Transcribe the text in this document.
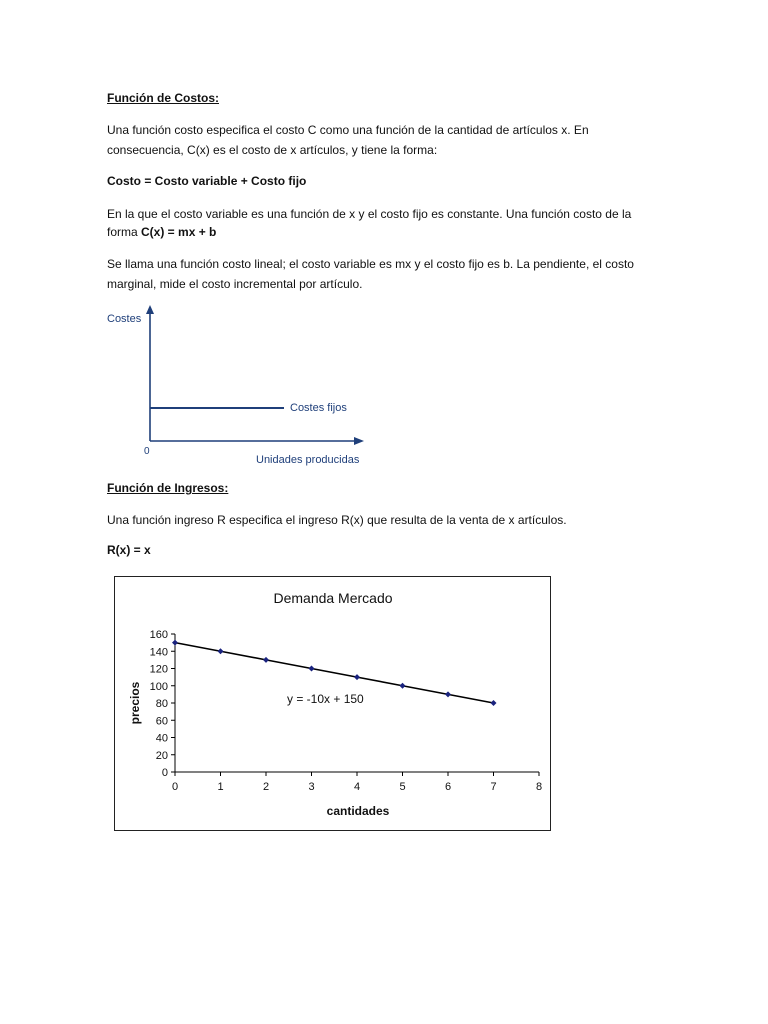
Función de Costos:

Una función costo especifica el costo C como una función de la cantidad de artículos x. En

consecuencia, C(x) es el costo de x artículos, y tiene la forma:

Costo = Costo variable + Costo fijo

En la que el costo variable es una función de x y el costo fijo es constante. Una función costo de la

forma C(x) = mx + b

Se llama una función costo lineal; el costo variable es mx y el costo fijo es b. La pendiente, el costo

marginal, mide el costo incremental por artículo.

Costes
Costes fijos
0
Unidades producidas

Función de Ingresos:

Una función ingreso R especifica el ingreso R(x) que resulta de la venta de x artículos.

R(x) = x

Demanda Mercado
0
20
40
60
80
100
120
140
160
0	1	2	3	4	5	6	7	8
y = -10x + 150
cantidades
precios
